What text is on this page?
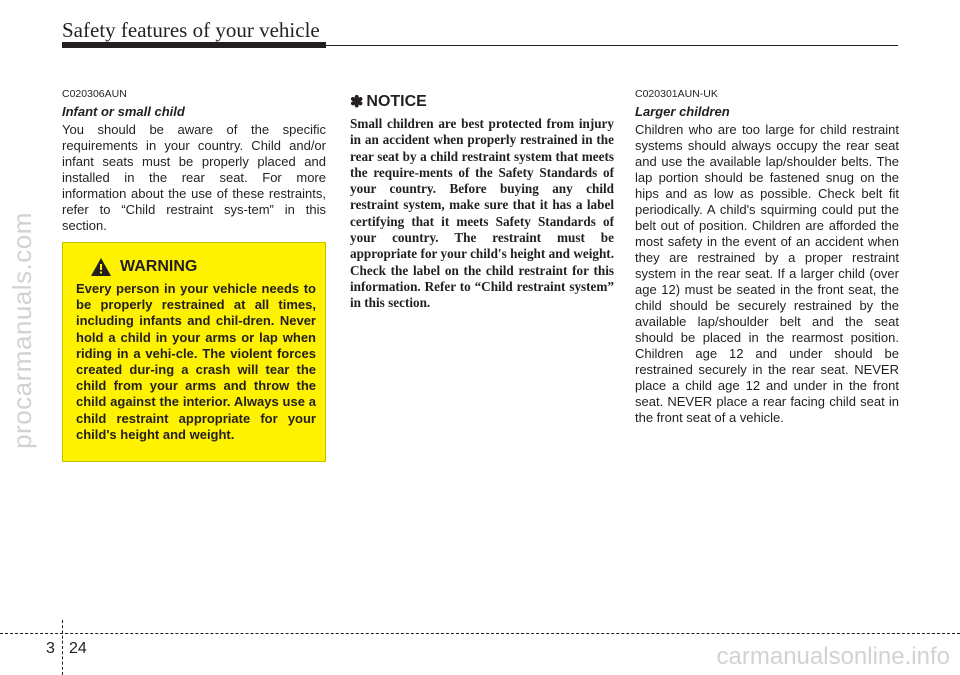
Safety features of your vehicle
procarmanuals.com
C020306AUN
Infant or small child

You should be aware of the specific requirements in your country. Child and/or infant seats must be properly placed and installed in the rear seat. For more information about the use of these restraints, refer to “Child restraint sys-tem” in this section.

WARNING

Every person in your vehicle needs to be properly restrained at all times, including infants and chil-dren. Never hold a child in your arms or lap when riding in a vehi-cle. The violent forces created dur-ing a crash will tear the child from your arms and throw the child against the interior. Always use a child restraint appropriate for your child's height and weight.

✽ NOTICE

Small children are best protected from injury in an accident when properly restrained in the rear seat by a child restraint system that meets the require-ments of the Safety Standards of your country. Before buying any child restraint system, make sure that it has a label certifying that it meets Safety Standards of your country. The restraint must be appropriate for your child's height and weight. Check the label on the child restraint for this information. Refer to “Child restraint system” in this section.

C020301AUN-UK
Larger children

Children who are too large for child restraint systems should always occupy the rear seat and use the available lap/shoulder belts. The lap portion should be fastened snug on the hips and as low as possible. Check belt fit periodically. A child's squirming could put the belt out of position. Children are afforded the most safety in the event of an accident when they are restrained by a proper restraint system in the rear seat. If a larger child (over age 12) must be seated in the front seat, the child should be securely restrained by the available lap/shoulder belt and the seat should be placed in the rearmost position. Children age 12 and under should be restrained securely in the rear seat. NEVER place a child age 12 and under in the front seat. NEVER place a rear facing child seat in the front seat of a vehicle.

3 24	carmanualsonline.info
